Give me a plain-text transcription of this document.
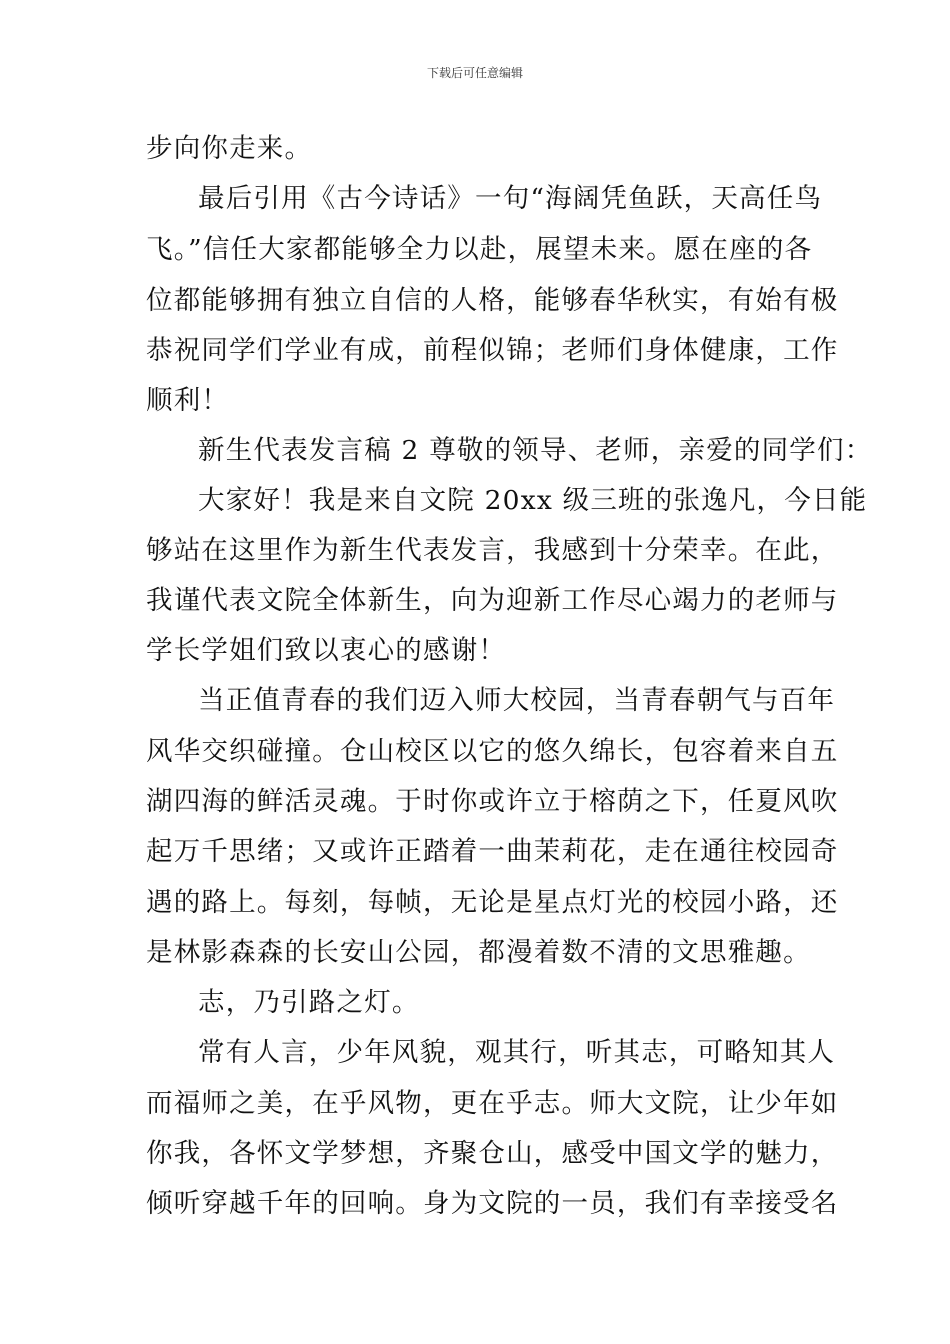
下载后可任意编辑
步向你走来。
最后引用《古今诗话》一句“海阔凭鱼跃，天高任鸟
飞。”信任大家都能够全力以赴，展望未来。愿在座的各
位都能够拥有独立自信的人格，能够春华秋实，有始有极
恭祝同学们学业有成，前程似锦；老师们身体健康，工作
顺利！
新生代表发言稿 2 尊敬的领导、老师，亲爱的同学们：
大家好！我是来自文院 20xx 级三班的张逸凡，今日能
够站在这里作为新生代表发言，我感到十分荣幸。在此，
我谨代表文院全体新生，向为迎新工作尽心竭力的老师与
学长学姐们致以衷心的感谢！
当正值青春的我们迈入师大校园，当青春朝气与百年
风华交织碰撞。仓山校区以它的悠久绵长，包容着来自五
湖四海的鲜活灵魂。于时你或许立于榕荫之下，任夏风吹
起万千思绪；又或许正踏着一曲茉莉花，走在通往校园奇
遇的路上。每刻，每帧，无论是星点灯光的校园小路，还
是林影森森的长安山公园，都漫着数不清的文思雅趣。
志，乃引路之灯。
常有人言，少年风貌，观其行，听其志，可略知其人
而福师之美，在乎风物，更在乎志。师大文院，让少年如
你我，各怀文学梦想，齐聚仓山，感受中国文学的魅力，
倾听穿越千年的回响。身为文院的一员，我们有幸接受名
